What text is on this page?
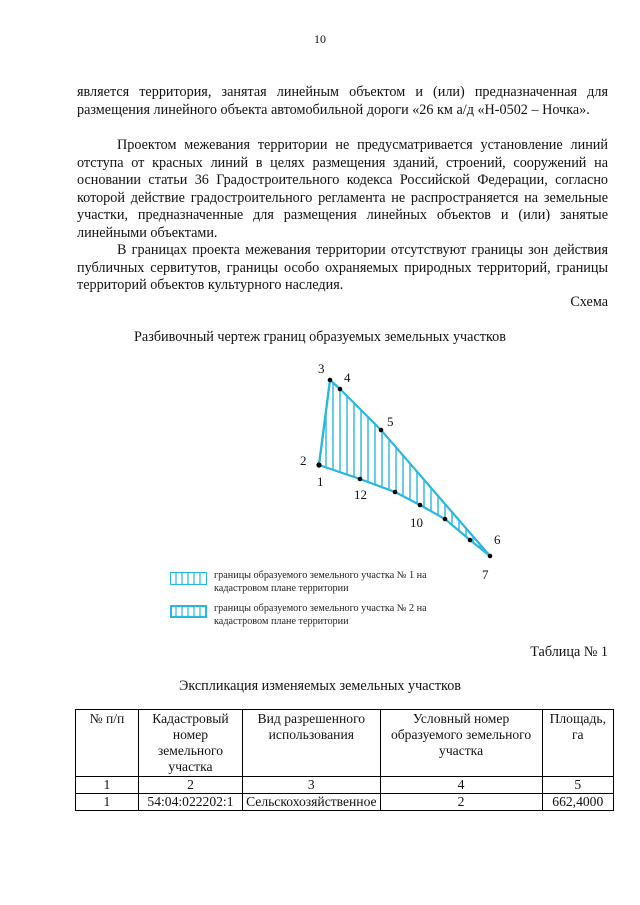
10

является территория, занятая линейным объектом и (или) предназначенная для размещения линейного объекта автомобильной дороги «26 км а/д «Н-0502 – Ночка».

Проектом межевания территории не предусматривается установление линий отступа от красных линий в целях размещения зданий, строений, сооружений на основании статьи 36 Градостроительного кодекса Российской Федерации, согласно которой действие градостроительного регламента не распространяется на земельные участки, предназначенные для размещения линейных объектов и (или) занятые линейными объектами.

В границах проекта межевания территории отсутствуют границы зон действия публичных сервитутов, границы особо охраняемых природных территорий, границы территорий объектов культурного наследия.

Схема
Разбивочный чертеж границ образуемых земельных участков
3
4
5
2
1
12
10
6
7
границы образуемого земельного участка № 1 на кадастровом плане территории
границы образуемого земельного участка № 2 на кадастровом плане территории
Таблица № 1
Экспликация изменяемых земельных участков
№ п/п	Кадастровый номер земельного участка	Вид разрешенного использования	Условный номер образуемого земельного участка	Площадь, га
1	2	3	4	5
1	54:04:022202:1	Сельскохозяйственное	2	662,4000
